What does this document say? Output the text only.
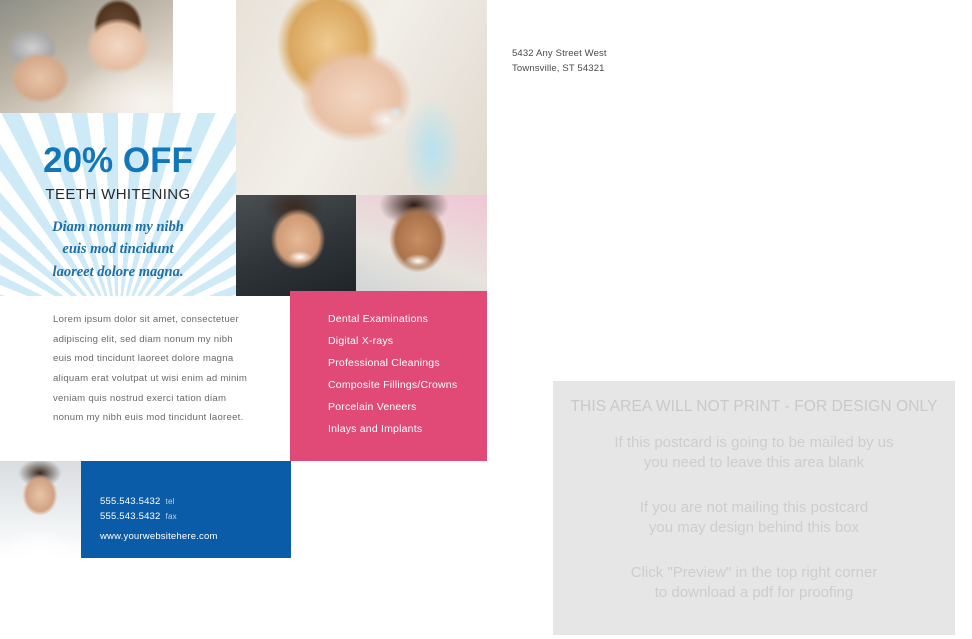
20% OFF
TEETH WHITENING
Diam nonum my nibh
euis mod tincidunt
laoreet dolore magna.
Lorem ipsum dolor sit amet, consectetuer adipiscing elit, sed diam nonum my nibh euis mod tincidunt laoreet dolore magna aliquam erat volutpat ut wisi enim ad minim veniam quis nostrud exerci tation diam nonum my nibh euis mod tincidunt laoreet.
Dental Examinations
Digital X-rays
Professional Cleanings
Composite Fillings/Crowns
Porcelain Veneers
Inlays and Implants
555.543.5432 tel
555.543.5432 fax
www.yourwebsitehere.com
5432 Any Street West
Townsville, ST 54321
THIS AREA WILL NOT PRINT - FOR DESIGN ONLY
If this postcard is going to be mailed by us
you need to leave this area blank
If you are not mailing this postcard
you may design behind this box
Click "Preview" in the top right corner
to download a pdf for proofing
